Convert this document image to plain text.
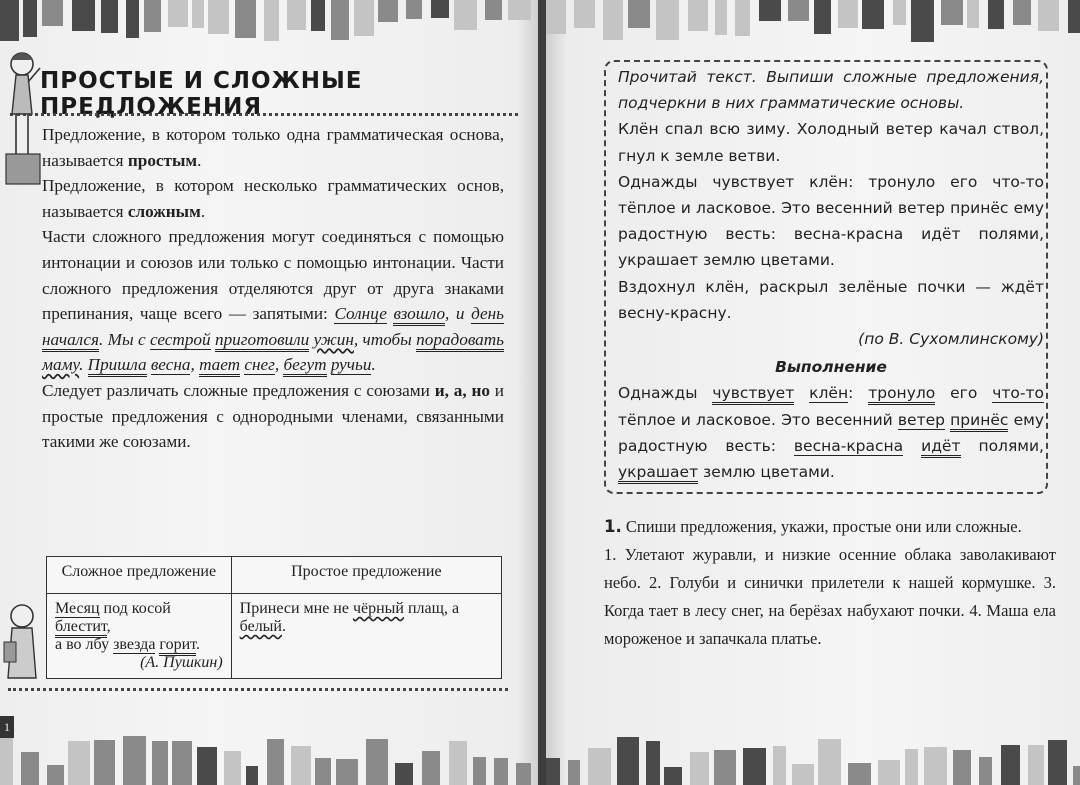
ПРОСТЫЕ И СЛОЖНЫЕ ПРЕДЛОЖЕНИЯ

Предложение, в котором только одна грамматическая основа, называется простым.

Предложение, в котором несколько грамматических основ, называется сложным.

Части сложного предложения могут соединяться с помощью интонации и союзов или только с помощью интонации. Части сложного предложения отделяются друг от друга знаками препинания, чаще всего — запятыми: Солнце взошло, и день начался. Мы с сестрой приготовили ужин, чтобы порадовать маму. Пришла весна, тает снег, бегут ручьи.

Следует различать сложные предложения с союзами и, а, но и простые предложения с однородными членами, связанными такими же союзами.

Сложное предложение	Простое предложение
Месяц под косой блестит,
а во лбу звезда горит.
(А. Пушкин)	Принеси мне не чёрный плащ, а белый.
1

Прочитай текст. Выпиши сложные предложения, подчеркни в них грамматические основы.

Клён спал всю зиму. Холодный ветер качал ствол, гнул к земле ветви.

Однажды чувствует клён: тронуло его что-то тёплое и ласковое. Это весенний ветер принёс ему радостную весть: весна-красна идёт полями, украшает землю цветами.

Вздохнул клён, раскрыл зелёные почки — ждёт весну-красну.

(по В. Сухомлинскому)

Выполнение

Однажды чувствует клён: тронуло его что-то тёплое и ласковое. Это весенний ветер принёс ему радостную весть: весна-красна идёт полями, украшает землю цветами.

1. Спиши предложения, укажи, простые они или сложные.

1. Улетают журавли, и низкие осенние облака заволакивают небо. 2. Голуби и синички прилетели к нашей кормушке. 3. Когда тает в лесу снег, на берёзах набухают почки. 4. Маша ела мороженое и запачкала платье.
